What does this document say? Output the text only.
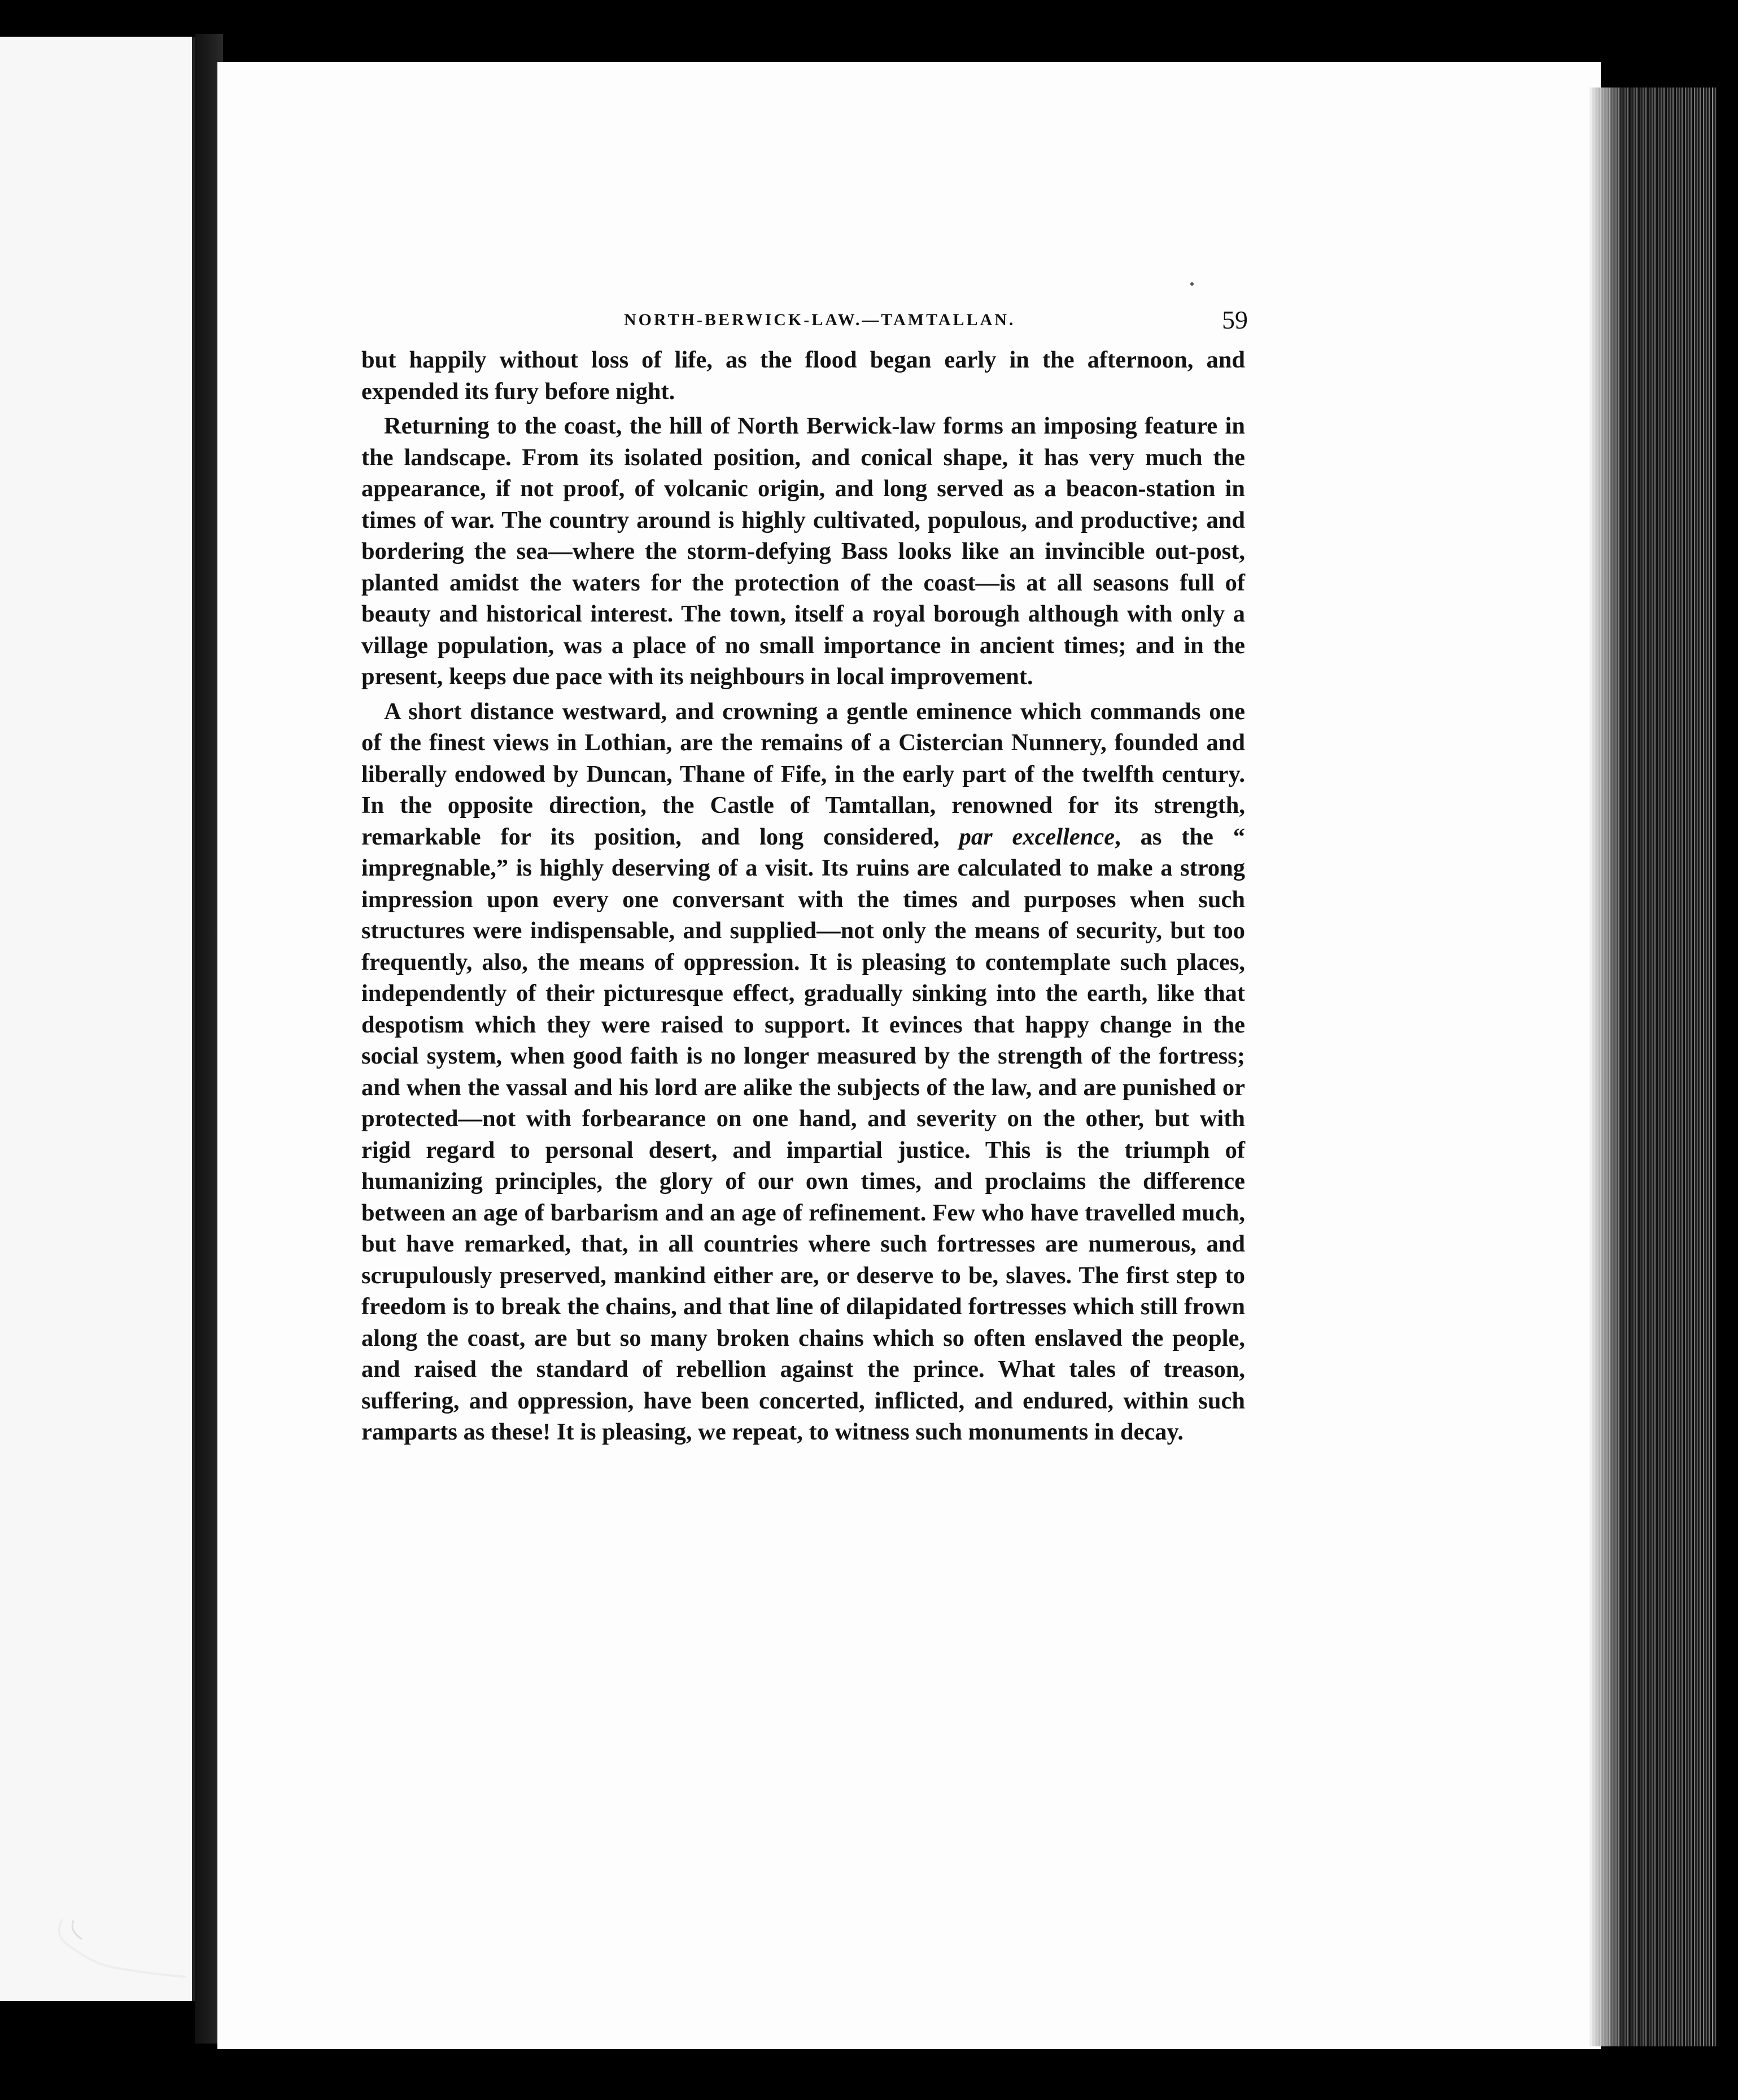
NORTH-BERWICK-LAW.—TAMTALLAN.	59

but happily without loss of life, as the flood began early in the afternoon, and expended its fury before night.

Returning to the coast, the hill of North Berwick-law forms an imposing feature in the landscape. From its isolated position, and conical shape, it has very much the appearance, if not proof, of volcanic origin, and long served as a beacon-station in times of war. The country around is highly cultivated, populous, and productive; and bordering the sea—where the storm-defying Bass looks like an invincible out-post, planted amidst the waters for the protection of the coast—is at all seasons full of beauty and historical interest. The town, itself a royal borough although with only a village population, was a place of no small importance in ancient times; and in the present, keeps due pace with its neighbours in local improvement.

A short distance westward, and crowning a gentle eminence which commands one of the finest views in Lothian, are the remains of a Cistercian Nunnery, founded and liberally endowed by Duncan, Thane of Fife, in the early part of the twelfth century. In the opposite direction, the Castle of Tamtallan, renowned for its strength, remarkable for its position, and long considered, par excellence, as the “ impregnable,” is highly deserving of a visit. Its ruins are calculated to make a strong impression upon every one conversant with the times and purposes when such structures were indispensable, and supplied—not only the means of security, but too frequently, also, the means of oppression. It is pleasing to contemplate such places, independently of their picturesque effect, gradually sinking into the earth, like that despotism which they were raised to support. It evinces that happy change in the social system, when good faith is no longer measured by the strength of the fortress; and when the vassal and his lord are alike the subjects of the law, and are punished or protected—not with forbearance on one hand, and severity on the other, but with rigid regard to personal desert, and impartial justice. This is the triumph of humanizing principles, the glory of our own times, and proclaims the difference between an age of barbarism and an age of refinement. Few who have travelled much, but have remarked, that, in all countries where such fortresses are numerous, and scrupulously preserved, mankind either are, or deserve to be, slaves. The first step to freedom is to break the chains, and that line of dilapidated fortresses which still frown along the coast, are but so many broken chains which so often enslaved the people, and raised the standard of rebellion against the prince. What tales of treason, suffering, and oppression, have been concerted, inflicted, and endured, within such ramparts as these! It is pleasing, we repeat, to witness such monuments in decay.
